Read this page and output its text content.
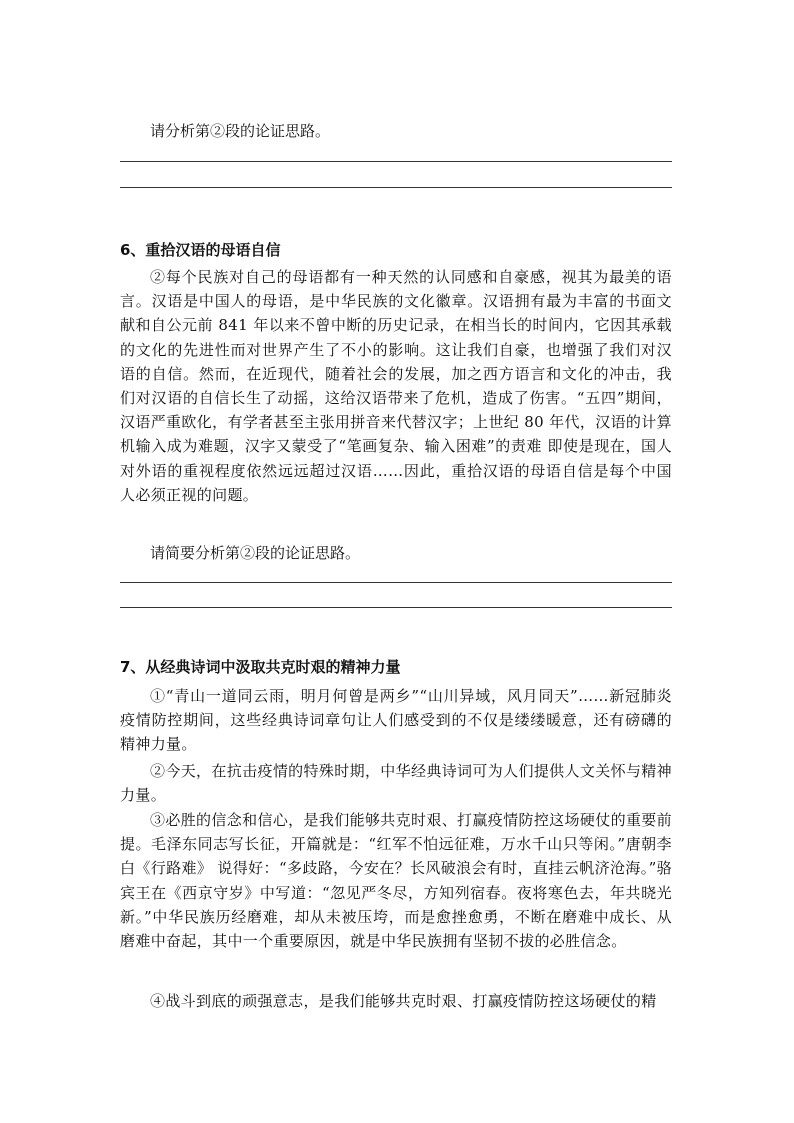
请分析第②段的论证思路。
6、重拾汉语的母语自信

②每个民族对自己的母语都有一种天然的认同感和自豪感，视其为最美的语言。汉语是中国人的母语，是中华民族的文化徽章。汉语拥有最为丰富的书面文献和自公元前 841 年以来不曾中断的历史记录，在相当长的时间内，它因其承载的文化的先进性而对世界产生了不小的影响。这让我们自豪，也增强了我们对汉语的自信。然而，在近现代，随着社会的发展，加之西方语言和文化的冲击，我们对汉语的自信长生了动摇，这给汉语带来了危机，造成了伤害。“五四”期间，汉语严重欧化，有学者甚至主张用拼音来代替汉字；上世纪 80 年代，汉语的计算机输入成为难题，汉字又蒙受了“笔画复杂、输入困难”的责难 即使是现在，国人对外语的重视程度依然远远超过汉语……因此，重拾汉语的母语自信是每个中国人必须正视的问题。

请简要分析第②段的论证思路。
7、从经典诗词中汲取共克时艰的精神力量

①“青山一道同云雨，明月何曾是两乡”“山川异域，风月同天”……新冠肺炎疫情防控期间，这些经典诗词章句让人们感受到的不仅是缕缕暖意，还有磅礴的精神力量。

②今天，在抗击疫情的特殊时期，中华经典诗词可为人们提供人文关怀与精神力量。

③必胜的信念和信心，是我们能够共克时艰、打赢疫情防控这场硬仗的重要前提。毛泽东同志写长征，开篇就是：“红军不怕远征难，万水千山只等闲。”唐朝李白《行路难》 说得好：“多歧路，今安在？长风破浪会有时，直挂云帆济沧海。”骆宾王在《西京守岁》中写道：“忽见严冬尽，方知列宿春。夜将寒色去，年共晓光新。”中华民族历经磨难，却从未被压垮，而是愈挫愈勇，不断在磨难中成长、从磨难中奋起，其中一个重要原因，就是中华民族拥有坚韧不拔的必胜信念。

④战斗到底的顽强意志，是我们能够共克时艰、打赢疫情防控这场硬仗的精
